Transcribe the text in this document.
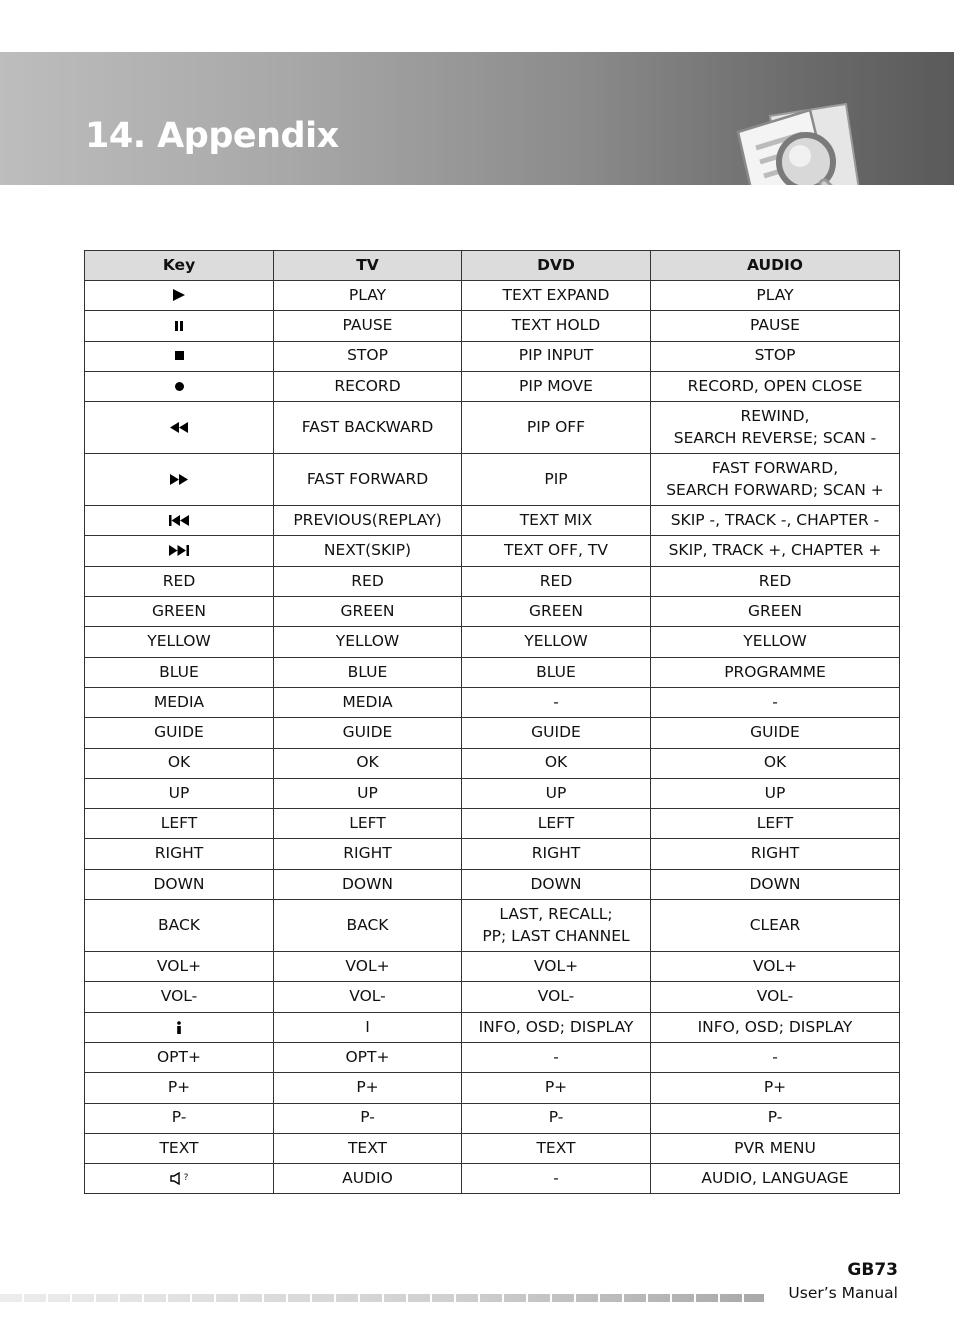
14. Appendix
Key	TV	DVD	AUDIO
	PLAY	TEXT EXPAND	PLAY
	PAUSE	TEXT HOLD	PAUSE
	STOP	PIP INPUT	STOP
	RECORD	PIP MOVE	RECORD, OPEN CLOSE
	FAST BACKWARD	PIP OFF	REWIND,
SEARCH REVERSE; SCAN -
	FAST FORWARD	PIP	FAST FORWARD,
SEARCH FORWARD; SCAN +
	PREVIOUS(REPLAY)	TEXT MIX	SKIP -, TRACK -, CHAPTER -
	NEXT(SKIP)	TEXT OFF, TV	SKIP, TRACK +, CHAPTER +
RED	RED	RED	RED
GREEN	GREEN	GREEN	GREEN
YELLOW	YELLOW	YELLOW	YELLOW
BLUE	BLUE	BLUE	PROGRAMME
MEDIA	MEDIA	-	-
GUIDE	GUIDE	GUIDE	GUIDE
OK	OK	OK	OK
UP	UP	UP	UP
LEFT	LEFT	LEFT	LEFT
RIGHT	RIGHT	RIGHT	RIGHT
DOWN	DOWN	DOWN	DOWN
BACK	BACK	LAST, RECALL;
PP; LAST CHANNEL	CLEAR
VOL+	VOL+	VOL+	VOL+
VOL-	VOL-	VOL-	VOL-
	I	INFO, OSD; DISPLAY	INFO, OSD; DISPLAY
OPT+	OPT+	-	-
P+	P+	P+	P+
P-	P-	P-	P-
TEXT	TEXT	TEXT	PVR MENU
?	AUDIO	-	AUDIO, LANGUAGE
GB73
User’s Manual
